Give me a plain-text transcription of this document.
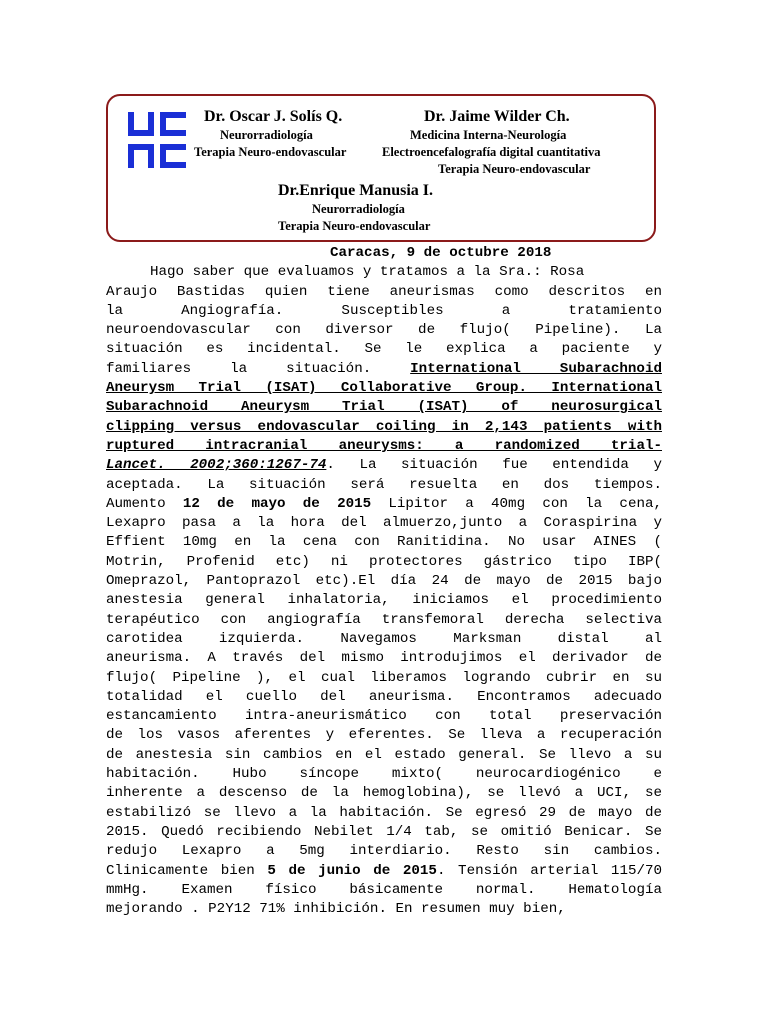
Dr. Oscar J. Solís Q.
Neurorradiología
Terapia Neuro-endovascular
Dr. Jaime Wilder Ch.
Medicina Interna-Neurología
Electroencefalografía digital cuantitativa
Terapia Neuro-endovascular
Dr.Enrique Manusia I.
Neurorradiología
Terapia Neuro-endovascular
Caracas, 9 de octubre 2018
Hago saber que evaluamos y tratamos a la Sra.: Rosa
Araujo Bastidas quien tiene aneurismas como descritos en
la Angiografía. Susceptibles a tratamiento
neuroendovascular con diversor de flujo( Pipeline). La
situación es incidental. Se le explica a paciente y
familiares la situación. International Subarachnoid
Aneurysm Trial (ISAT) Collaborative Group. International
Subarachnoid Aneurysm Trial (ISAT) of neurosurgical
clipping versus endovascular coiling in 2,143 patients with
ruptured intracranial aneurysms: a randomized trial-
Lancet. 2002;360:1267-74. La situación fue entendida y
aceptada. La situación será resuelta en dos tiempos.
Aumento 12 de mayo de 2015 Lipitor a 40mg con la cena,
Lexapro pasa a la hora del almuerzo,junto a Coraspirina y
Effient 10mg en la cena con Ranitidina. No usar AINES (
Motrin, Profenid etc) ni protectores gástrico tipo IBP(
Omeprazol, Pantoprazol etc).El día 24 de mayo de 2015 bajo
anestesia general inhalatoria, iniciamos el procedimiento
terapéutico con angiografía transfemoral derecha selectiva
carotidea izquierda. Navegamos Marksman distal al
aneurisma. A través del mismo introdujimos el derivador de
flujo( Pipeline ), el cual liberamos logrando cubrir en su
totalidad el cuello del aneurisma. Encontramos adecuado
estancamiento intra-aneurismático con total preservación
de los vasos aferentes y eferentes. Se lleva a recuperación
de anestesia sin cambios en el estado general. Se llevo a su
habitación. Hubo síncope mixto( neurocardiogénico e
inherente a descenso de la hemoglobina), se llevó a UCI, se
estabilizó se llevo a la habitación. Se egresó 29 de mayo de
2015. Quedó recibiendo Nebilet 1/4 tab, se omitió Benicar. Se
redujo Lexapro a 5mg interdiario. Resto sin cambios.
Clinicamente bien 5 de junio de 2015. Tensión arterial 115/70
mmHg. Examen físico básicamente normal. Hematología
mejorando . P2Y12 71% inhibición. En resumen muy bien,
